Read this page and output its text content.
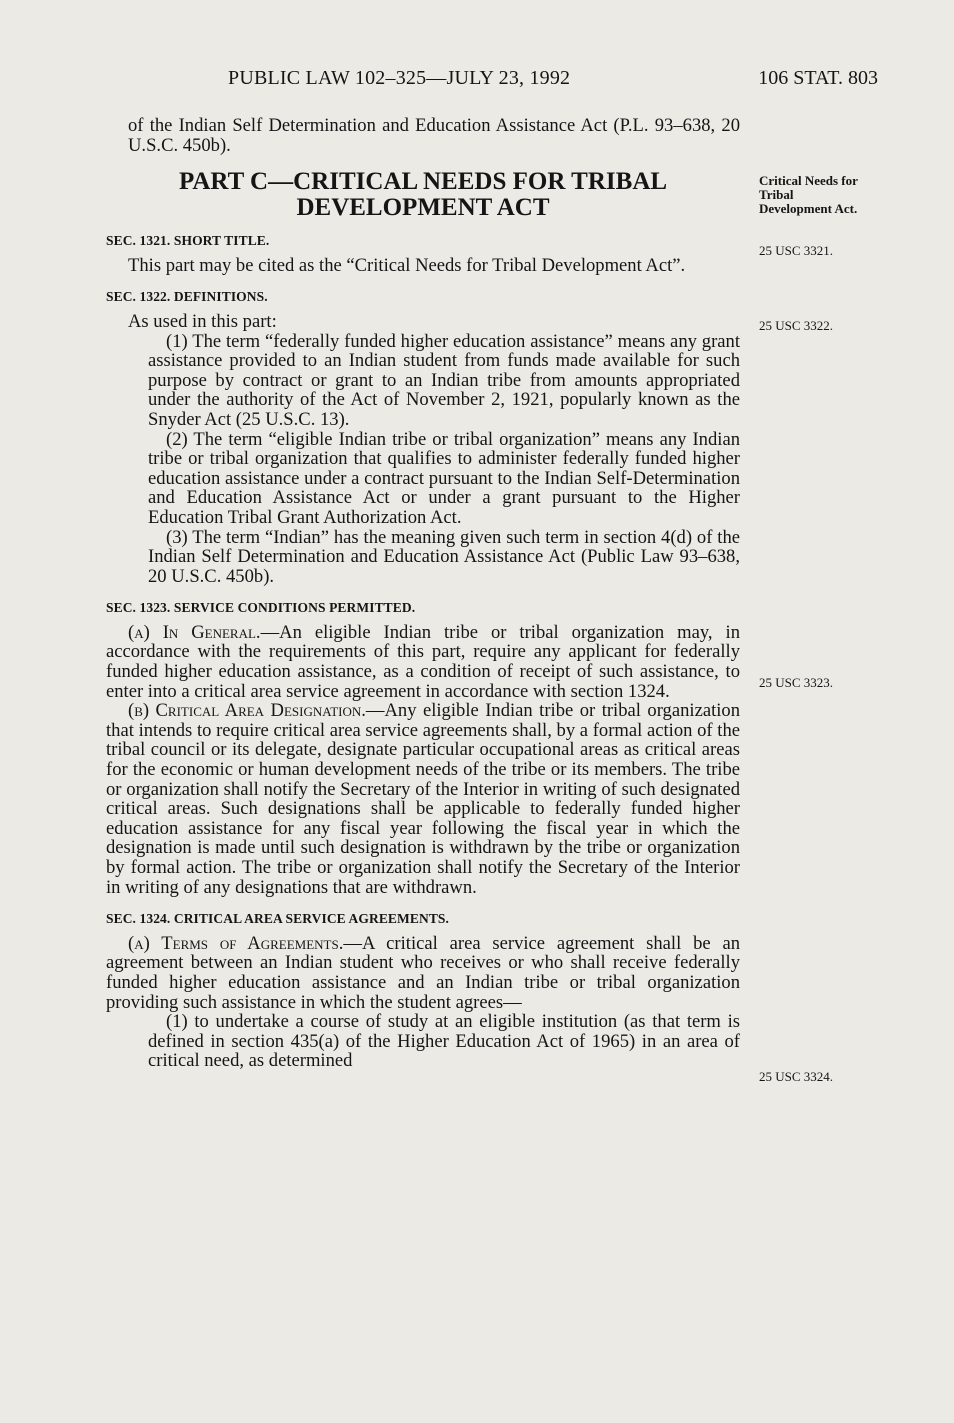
PUBLIC LAW 102–325—JULY 23, 1992	106 STAT. 803
Critical Needs for Tribal Development Act.
25 USC 3321.
25 USC 3322.
25 USC 3323.
25 USC 3324.

of the Indian Self Determination and Education Assistance Act (P.L. 93–638, 20 U.S.C. 450b).

PART C—CRITICAL NEEDS FOR TRIBAL
DEVELOPMENT ACT
SEC. 1321. SHORT TITLE.

This part may be cited as the “Critical Needs for Tribal Development Act”.

SEC. 1322. DEFINITIONS.

As used in this part:

(1) The term “federally funded higher education assistance” means any grant assistance provided to an Indian student from funds made available for such purpose by contract or grant to an Indian tribe from amounts appropriated under the authority of the Act of November 2, 1921, popularly known as the Snyder Act (25 U.S.C. 13).

(2) The term “eligible Indian tribe or tribal organization” means any Indian tribe or tribal organization that qualifies to administer federally funded higher education assistance under a contract pursuant to the Indian Self-Determination and Education Assistance Act or under a grant pursuant to the Higher Education Tribal Grant Authorization Act.

(3) The term “Indian” has the meaning given such term in section 4(d) of the Indian Self Determination and Education Assistance Act (Public Law 93–638, 20 U.S.C. 450b).

SEC. 1323. SERVICE CONDITIONS PERMITTED.

(a) In General.—An eligible Indian tribe or tribal organization may, in accordance with the requirements of this part, require any applicant for federally funded higher education assistance, as a condition of receipt of such assistance, to enter into a critical area service agreement in accordance with section 1324.

(b) Critical Area Designation.—Any eligible Indian tribe or tribal organization that intends to require critical area service agreements shall, by a formal action of the tribal council or its delegate, designate particular occupational areas as critical areas for the economic or human development needs of the tribe or its members. The tribe or organization shall notify the Secretary of the Interior in writing of such designated critical areas. Such designations shall be applicable to federally funded higher education assistance for any fiscal year following the fiscal year in which the designation is made until such designation is withdrawn by the tribe or organization by formal action. The tribe or organization shall notify the Secretary of the Interior in writing of any designations that are withdrawn.

SEC. 1324. CRITICAL AREA SERVICE AGREEMENTS.

(a) Terms of Agreements.—A critical area service agreement shall be an agreement between an Indian student who receives or who shall receive federally funded higher education assistance and an Indian tribe or tribal organization providing such assistance in which the student agrees—

(1) to undertake a course of study at an eligible institution (as that term is defined in section 435(a) of the Higher Education Act of 1965) in an area of critical need, as determined
